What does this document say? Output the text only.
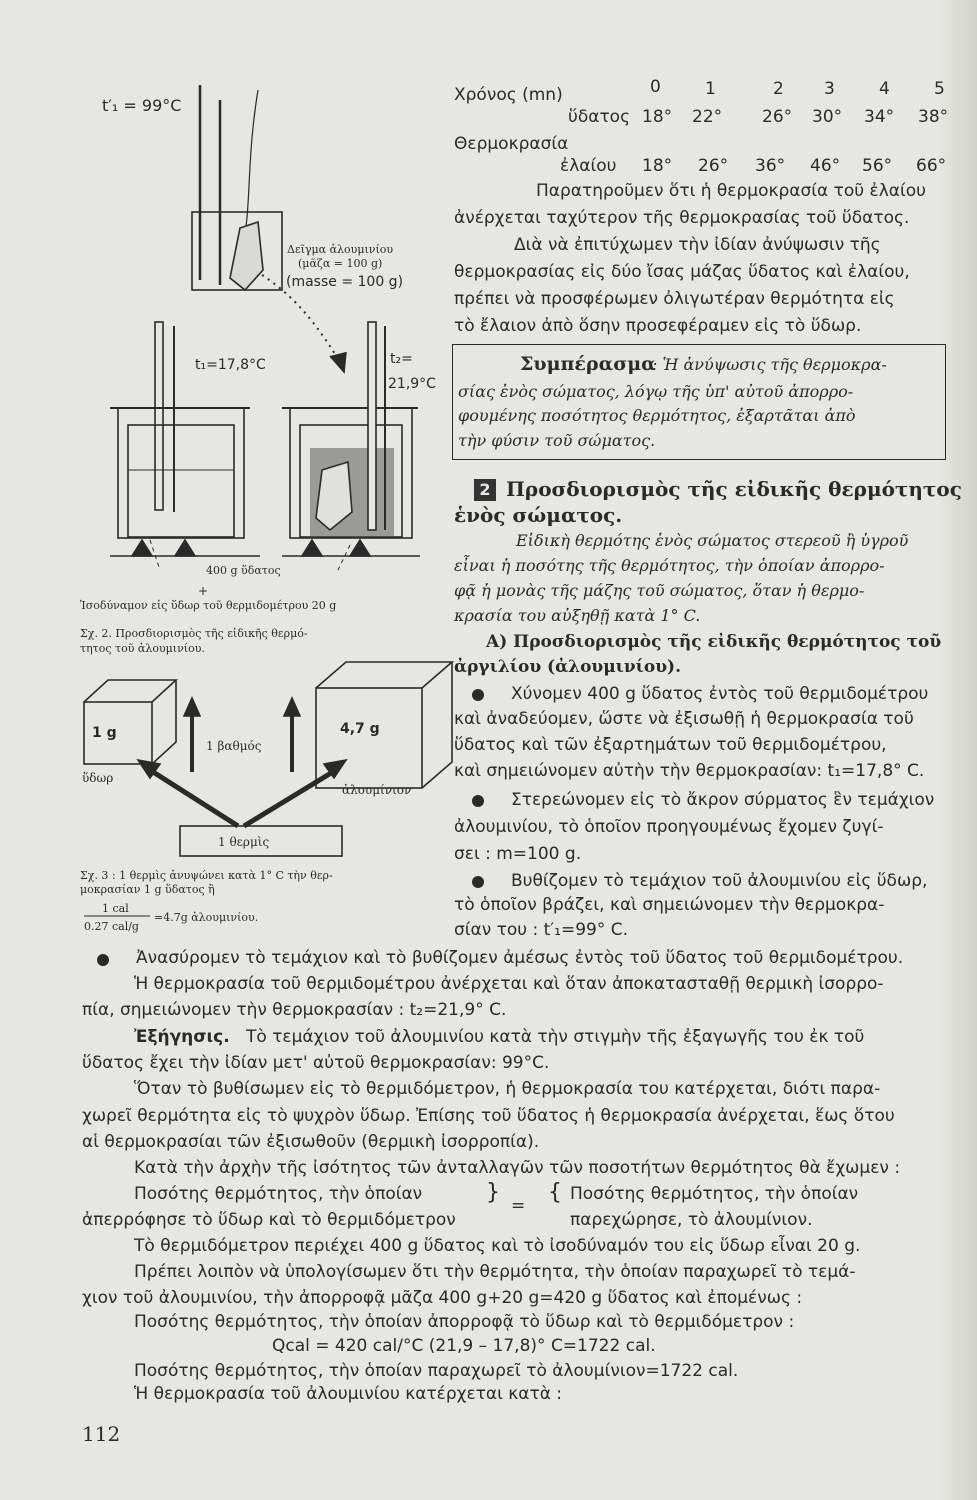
t′₁ = 99°C
Δεῖγμα ἀλουμινίου
(μᾶζα = 100 g)
(masse = 100 g)
t₁=17,8°C	t₂=
21,9°C
400 g ὕδατος
+
Ἰσοδύναμον εἰς ὕδωρ τοῦ θερμιδομέτρου 20 g
Σχ. 2. Προσδιορισμὸς τῆς εἰδικῆς θερμό-
τητος τοῦ ἀλουμινίου.
1 g
ὕδωρ
1 βαθμός
4,7 g
ἀλουμίνιον
1 θερμὶς
Σχ. 3 : 1 θερμὶς ἀνυψώνει κατὰ 1° C τὴν θερ-
μοκρασίαν 1 g ὕδατος ἢ
1 cal
0.27 cal/g
=4.7g ἀλουμινίου.
Χρόνος (mn)	0	1	2 3	4	5
ὕδατος 18° 22° 26° 30° 34° 38°
Θερμοκρασία
ἐλαίου 18° 26° 36° 46° 56° 66°
Παρατηροῦμεν ὅτι ἡ θερμοκρασία τοῦ ἐλαίου
ἀνέρχεται ταχύτερον τῆς θερμοκρασίας τοῦ ὕδατος.
Διὰ νὰ ἐπιτύχωμεν τὴν ἰδίαν ἀνύψωσιν τῆς
θερμοκρασίας εἰς δύο ἴσας μάζας ὕδατος καὶ ἐλαίου,
πρέπει νὰ προσφέρωμεν ὀλιγωτέραν θερμότητα εἰς
τὸ ἔλαιον ἀπὸ ὅσην προσεφέραμεν εἰς τὸ ὕδωρ.
Συμπέρασμα
: Ἡ ἀνύψωσις τῆς θερμοκρα-
σίας ἑνὸς σώματος, λόγῳ τῆς ὑπ' αὐτοῦ ἀπορρο-
φουμένης ποσότητος θερμότητος, ἐξαρτᾶται ἀπὸ
τὴν φύσιν τοῦ σώματος.
2 Προσδιορισμὸς τῆς εἰδικῆς θερμότητος
ἑνὸς σώματος.
Εἰδικὴ θερμότης ἑνὸς σώματος στερεοῦ ἢ ὑγροῦ
εἶναι ἡ ποσότης τῆς θερμότητος, τὴν ὁποίαν ἀπορρο-
φᾷ ἡ μονὰς τῆς μάζης τοῦ σώματος, ὅταν ἡ θερμο-
κρασία του αὐξηθῇ κατὰ 1° C.
Α) Προσδιορισμὸς τῆς εἰδικῆς θερμότητος τοῦ
ἀργιλίου (ἀλουμινίου).
Χύνομεν 400 g ὕδατος ἐντὸς τοῦ θερμιδομέτρου
καὶ ἀναδεύομεν, ὥστε νὰ ἐξισωθῇ ἡ θερμοκρασία τοῦ
ὕδατος καὶ τῶν ἐξαρτημάτων τοῦ θερμιδομέτρου,
καὶ σημειώνομεν αὐτὴν τὴν θερμοκρασίαν: t₁=17,8° C.
Στερεώνομεν εἰς τὸ ἄκρον σύρματος ἓν τεμάχιον
ἀλουμινίου, τὸ ὁποῖον προηγουμένως ἔχομεν ζυγί-
σει : m=100 g.
Βυθίζομεν τὸ τεμάχιον τοῦ ἀλουμινίου εἰς ὕδωρ,
τὸ ὁποῖον βράζει, καὶ σημειώνομεν τὴν θερμοκρα-
σίαν του : t′₁=99° C.
Ἀνασύρομεν τὸ τεμάχιον καὶ τὸ βυθίζομεν ἀμέσως ἐντὸς τοῦ ὕδατος τοῦ θερμιδομέτρου.
Ἡ θερμοκρασία τοῦ θερμιδομέτρου ἀνέρχεται καὶ ὅταν ἀποκατασταθῇ θερμικὴ ἰσορρο-
πία, σημειώνομεν τὴν θερμοκρασίαν : t₂=21,9° C.
Ἐξήγησις. Τὸ τεμάχιον τοῦ ἀλουμινίου κατὰ τὴν στιγμὴν τῆς ἐξαγωγῆς του ἐκ τοῦ
ὕδατος ἔχει τὴν ἰδίαν μετ' αὐτοῦ θερμοκρασίαν: 99°C.
Ὅταν τὸ βυθίσωμεν εἰς τὸ θερμιδόμετρον, ἡ θερμοκρασία του κατέρχεται, διότι παρα-
χωρεῖ θερμότητα εἰς τὸ ψυχρὸν ὕδωρ. Ἐπίσης τοῦ ὕδατος ἡ θερμοκρασία ἀνέρχεται, ἕως ὅτου
αἱ θερμοκρασίαι τῶν ἐξισωθοῦν (θερμικὴ ἰσορροπία).
Κατὰ τὴν ἀρχὴν τῆς ἰσότητος τῶν ἀνταλλαγῶν τῶν ποσοτήτων θερμότητος θὰ ἔχωμεν :
Ποσότης θερμότητος, τὴν ὁποίαν
ἀπερρόφησε τὸ ὕδωρ καὶ τὸ θερμιδόμετρον
}
=
{ Ποσότης θερμότητος, τὴν ὁποίαν
παρεχώρησε, τὸ ἀλουμίνιον.
Τὸ θερμιδόμετρον περιέχει 400 g ὕδατος καὶ τὸ ἰσοδύναμόν του εἰς ὕδωρ εἶναι 20 g.
Πρέπει λοιπὸν νὰ ὑπολογίσωμεν ὅτι τὴν θερμότητα, τὴν ὁποίαν παραχωρεῖ τὸ τεμά-
χιον τοῦ ἀλουμινίου, τὴν ἀπορροφᾷ μᾶζα 400 g+20 g=420 g ὕδατος καὶ ἐπομένως :
Ποσότης θερμότητος, τὴν ὁποίαν ἀπορροφᾷ τὸ ὕδωρ καὶ τὸ θερμιδόμετρον :
Qcal = 420 cal/°C (21,9 – 17,8)° C=1722 cal.
Ποσότης θερμότητος, τὴν ὁποίαν παραχωρεῖ τὸ ἀλουμίνιον=1722 cal.
Ἡ θερμοκρασία τοῦ ἀλουμινίου κατέρχεται κατὰ :
112
